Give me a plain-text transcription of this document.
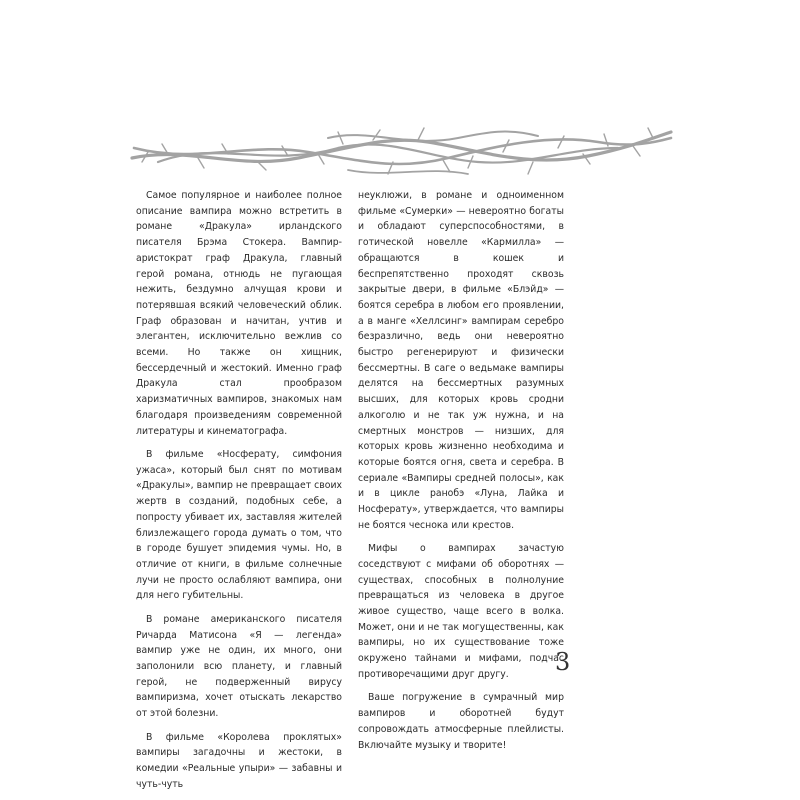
Самое популярное и наиболее полное описание вампира можно встретить в романе «Дракула» ирландского писателя Брэма Стокера. Вампир-аристократ граф Дракула, главный герой романа, отнюдь не пугающая нежить, бездумно алчущая крови и потерявшая всякий человеческий облик. Граф образован и начитан, учтив и элегантен, исключительно вежлив со всеми. Но также он хищник, бессердечный и жестокий. Именно граф Дракула стал прообразом харизматичных вампиров, знакомых нам благодаря произведениям современной литературы и кинематографа.

В фильме «Носферату, симфония ужаса», который был снят по мотивам «Дракулы», вампир не превращает своих жертв в созданий, подобных себе, а попросту убивает их, заставляя жителей близлежащего города думать о том, что в городе бушует эпидемия чумы. Но, в отличие от книги, в фильме солнечные лучи не просто ослабляют вампира, они для него губительны.

В романе американского писателя Ричарда Матисона «Я — легенда» вампир уже не один, их много, они заполонили всю планету, и главный герой, не подверженный вирусу вампиризма, хочет отыскать лекарство от этой болезни.

В фильме «Королева проклятых» вампиры загадочны и жестоки, в комедии «Реальные упыри» — забавны и чуть-чуть

неуклюжи, в романе и одноименном фильме «Сумерки» — невероятно богаты и обладают суперспособностями, в готической новелле «Кармилла» — обращаются в кошек и беспрепятственно проходят сквозь закрытые двери, в фильме «Блэйд» — боятся серебра в любом его проявлении, а в манге «Хеллсинг» вампирам серебро безразлично, ведь они невероятно быстро регенерируют и физически бессмертны. В саге о ведьмаке вампиры делятся на бессмертных разумных высших, для которых кровь сродни алкоголю и не так уж нужна, и на смертных монстров — низших, для которых кровь жизненно необходима и которые боятся огня, света и серебра. В сериале «Вампиры средней полосы», как и в цикле ранобэ «Луна, Лайка и Носферату», утверждается, что вампиры не боятся чеснока или крестов.

Мифы о вампирах зачастую соседствуют с мифами об оборотнях — существах, способных в полнолуние превращаться из человека в другое живое существо, чаще всего в волка. Может, они и не так могущественны, как вампиры, но их существование тоже окружено тайнами и мифами, подчас противоречащими друг другу.

Ваше погружение в сумрачный мир вампиров и оборотней будут сопровождать атмосферные плейлисты. Включайте музыку и творите!

3
